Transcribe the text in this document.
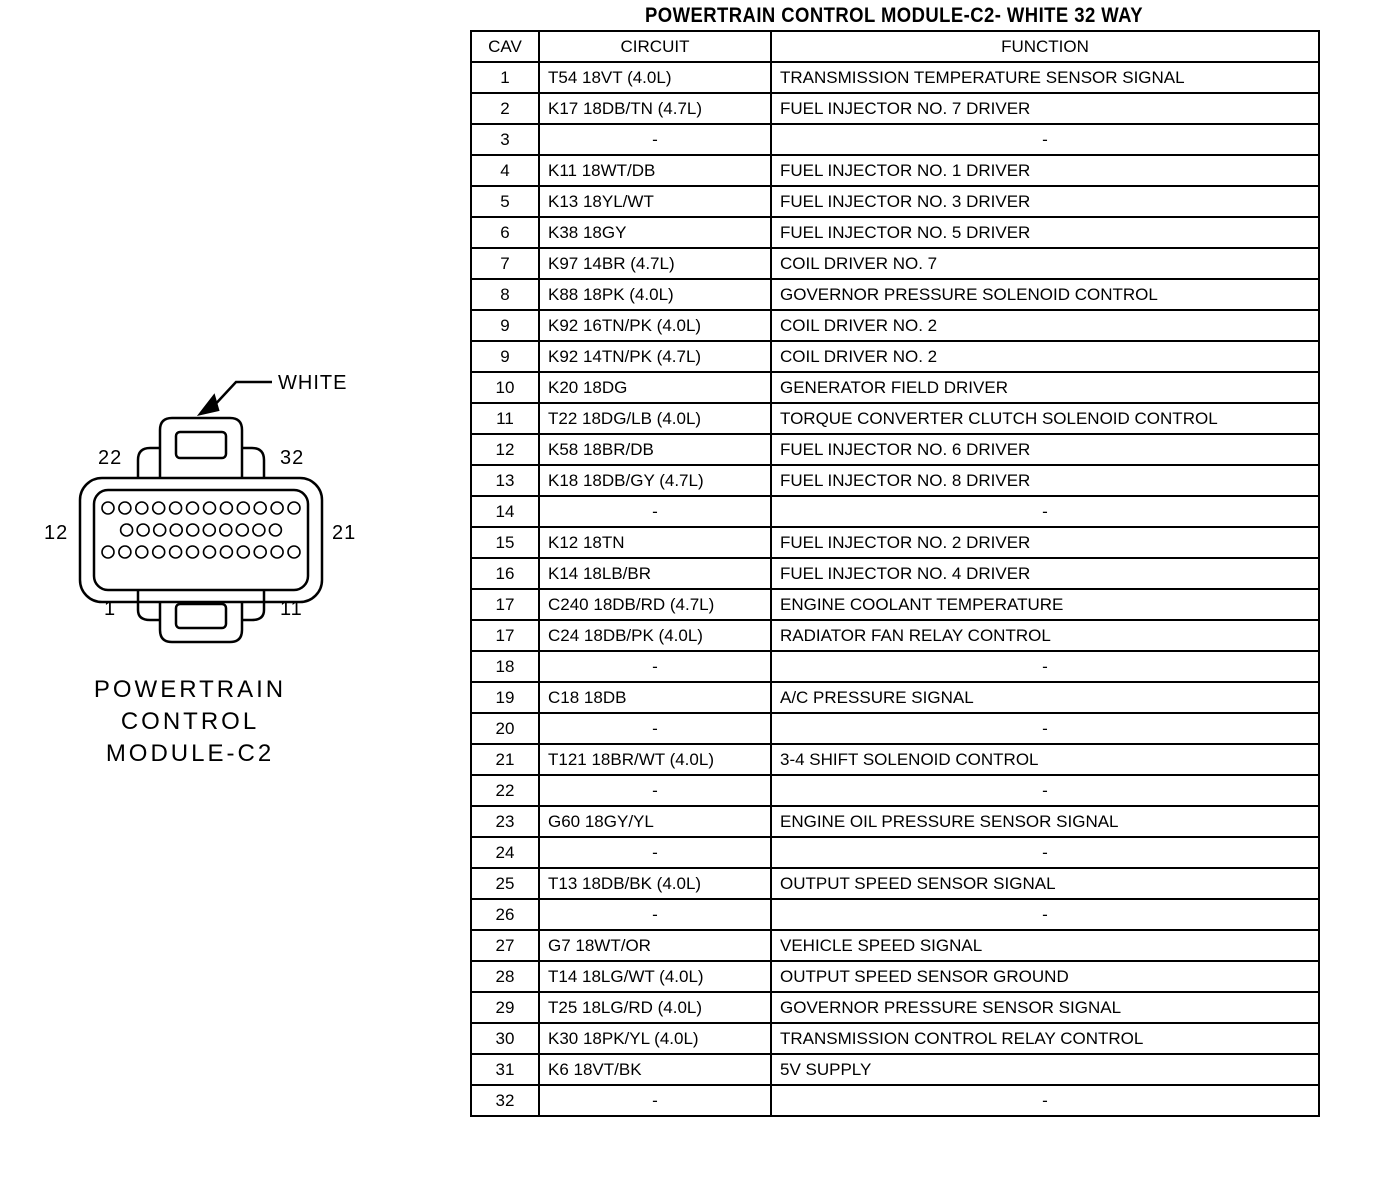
WHITE
22	32
12	21
1	11
POWERTRAIN
CONTROL
MODULE-C2
POWERTRAIN CONTROL MODULE-C2- WHITE 32 WAY
CAV	CIRCUIT	FUNCTION
1	T54 18VT (4.0L)	TRANSMISSION TEMPERATURE SENSOR SIGNAL
2	K17 18DB/TN (4.7L)	FUEL INJECTOR NO. 7 DRIVER
3	-	-
4	K11 18WT/DB	FUEL INJECTOR NO. 1 DRIVER
5	K13 18YL/WT	FUEL INJECTOR NO. 3 DRIVER
6	K38 18GY	FUEL INJECTOR NO. 5 DRIVER
7	K97 14BR (4.7L)	COIL DRIVER NO. 7
8	K88 18PK (4.0L)	GOVERNOR PRESSURE SOLENOID CONTROL
9	K92 16TN/PK (4.0L)	COIL DRIVER NO. 2
9	K92 14TN/PK (4.7L)	COIL DRIVER NO. 2
10	K20 18DG	GENERATOR FIELD DRIVER
11	T22 18DG/LB (4.0L)	TORQUE CONVERTER CLUTCH SOLENOID CONTROL
12	K58 18BR/DB	FUEL INJECTOR NO. 6 DRIVER
13	K18 18DB/GY (4.7L)	FUEL INJECTOR NO. 8 DRIVER
14	-	-
15	K12 18TN	FUEL INJECTOR NO. 2 DRIVER
16	K14 18LB/BR	FUEL INJECTOR NO. 4 DRIVER
17	C240 18DB/RD (4.7L)	ENGINE COOLANT TEMPERATURE
17	C24 18DB/PK (4.0L)	RADIATOR FAN RELAY CONTROL
18	-	-
19	C18 18DB	A/C PRESSURE SIGNAL
20	-	-
21	T121 18BR/WT (4.0L)	3-4 SHIFT SOLENOID CONTROL
22	-	-
23	G60 18GY/YL	ENGINE OIL PRESSURE SENSOR SIGNAL
24	-	-
25	T13 18DB/BK (4.0L)	OUTPUT SPEED SENSOR SIGNAL
26	-	-
27	G7 18WT/OR	VEHICLE SPEED SIGNAL
28	T14 18LG/WT (4.0L)	OUTPUT SPEED SENSOR GROUND
29	T25 18LG/RD (4.0L)	GOVERNOR PRESSURE SENSOR SIGNAL
30	K30 18PK/YL (4.0L)	TRANSMISSION CONTROL RELAY CONTROL
31	K6 18VT/BK	5V SUPPLY
32	-	-
